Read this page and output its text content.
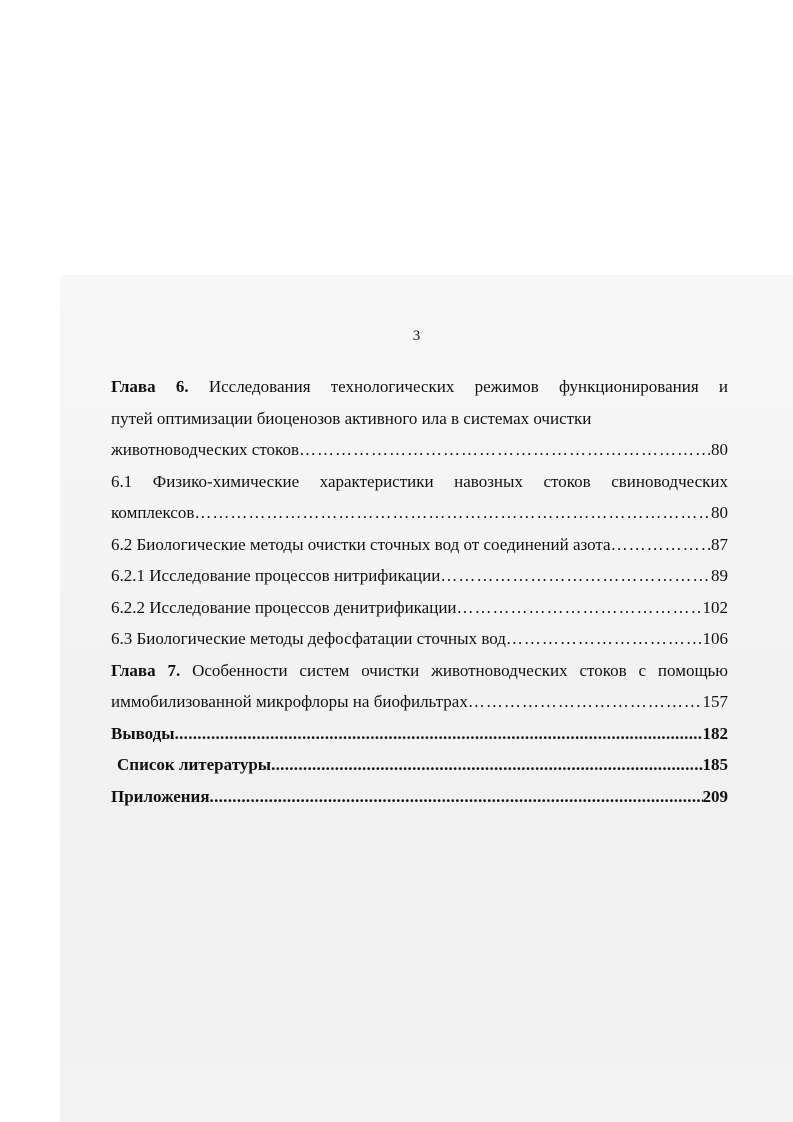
3
Глава 6. Исследования технологических режимов функционирования и
путей оптимизации биоценозов активного ила в системах очистки
животноводческих стоков ………………………………………………………………………………………………………………………………………………………………………………………………	80
6.1 Физико-химические характеристики навозных стоков свиноводческих
комплексов ………………………………………………………………………………………………………………………………………………………………………………………………	80
6.2 Биологические методы очистки сточных вод от соединений азота ………………………………………………………………………………………………………………………………………………………………………………………………	87
6.2.1 Исследование процессов нитрификации ………………………………………………………………………………………………………………………………………………………………………………………………	89
6.2.2 Исследование процессов денитрификации ………………………………………………………………………………………………………………………………………………………………………………………………	102
6.3 Биологические методы дефосфатации сточных вод ………………………………………………………………………………………………………………………………………………………………………………………………	106
Глава 7. Особенности систем очистки животноводческих стоков с помощью
иммобилизованной микрофлоры на биофильтрах ………………………………………………………………………………………………………………………………………………………………………………………………	157
Выводы .....	182
Список литературы .....	185
Приложения .....	209
